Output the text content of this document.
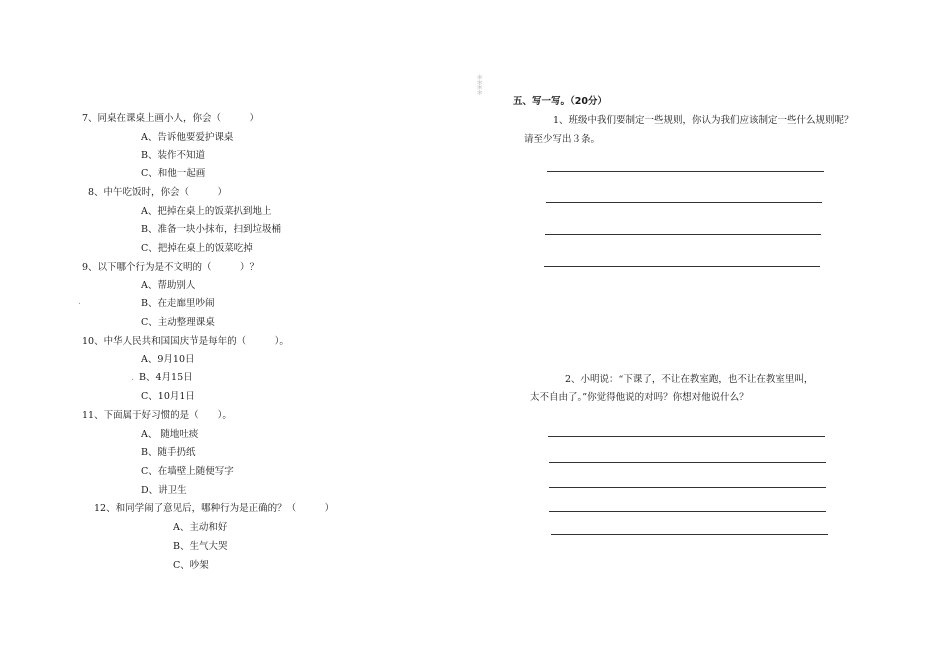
⁑
⁑
.
.
7、同桌在课桌上画小人，你会（　　　）
A、告诉他要爱护课桌
B、装作不知道
C、和他一起画
8、中午吃饭时，你会（　　　）
A、把掉在桌上的饭菜扒到地上
B、准备一块小抹布，扫到垃圾桶
C、把掉在桌上的饭菜吃掉
9、以下哪个行为是不文明的（　　　）？
A、帮助别人
B、在走廊里吵闹
C、主动整理课桌
10、中华人民共和国国庆节是每年的（　　　）。
A、9月10日
B、4月15日
C、10月1日
11、下面属于好习惯的是（　　）。
A、 随地吐痰
B、随手扔纸
C、在墙壁上随便写字
D、讲卫生
12、和同学闹了意见后，哪种行为是正确的？（　　　）
A、主动和好
B、生气大哭
C、吵架
五、写一写。（20分）
1、班级中我们要制定一些规则，你认为我们应该制定一些什么规则呢？
请至少写出３条。
2、小明说：“下课了，不让在教室跑，也不让在教室里叫，
太不自由了。”你觉得他说的对吗？你想对他说什么？
